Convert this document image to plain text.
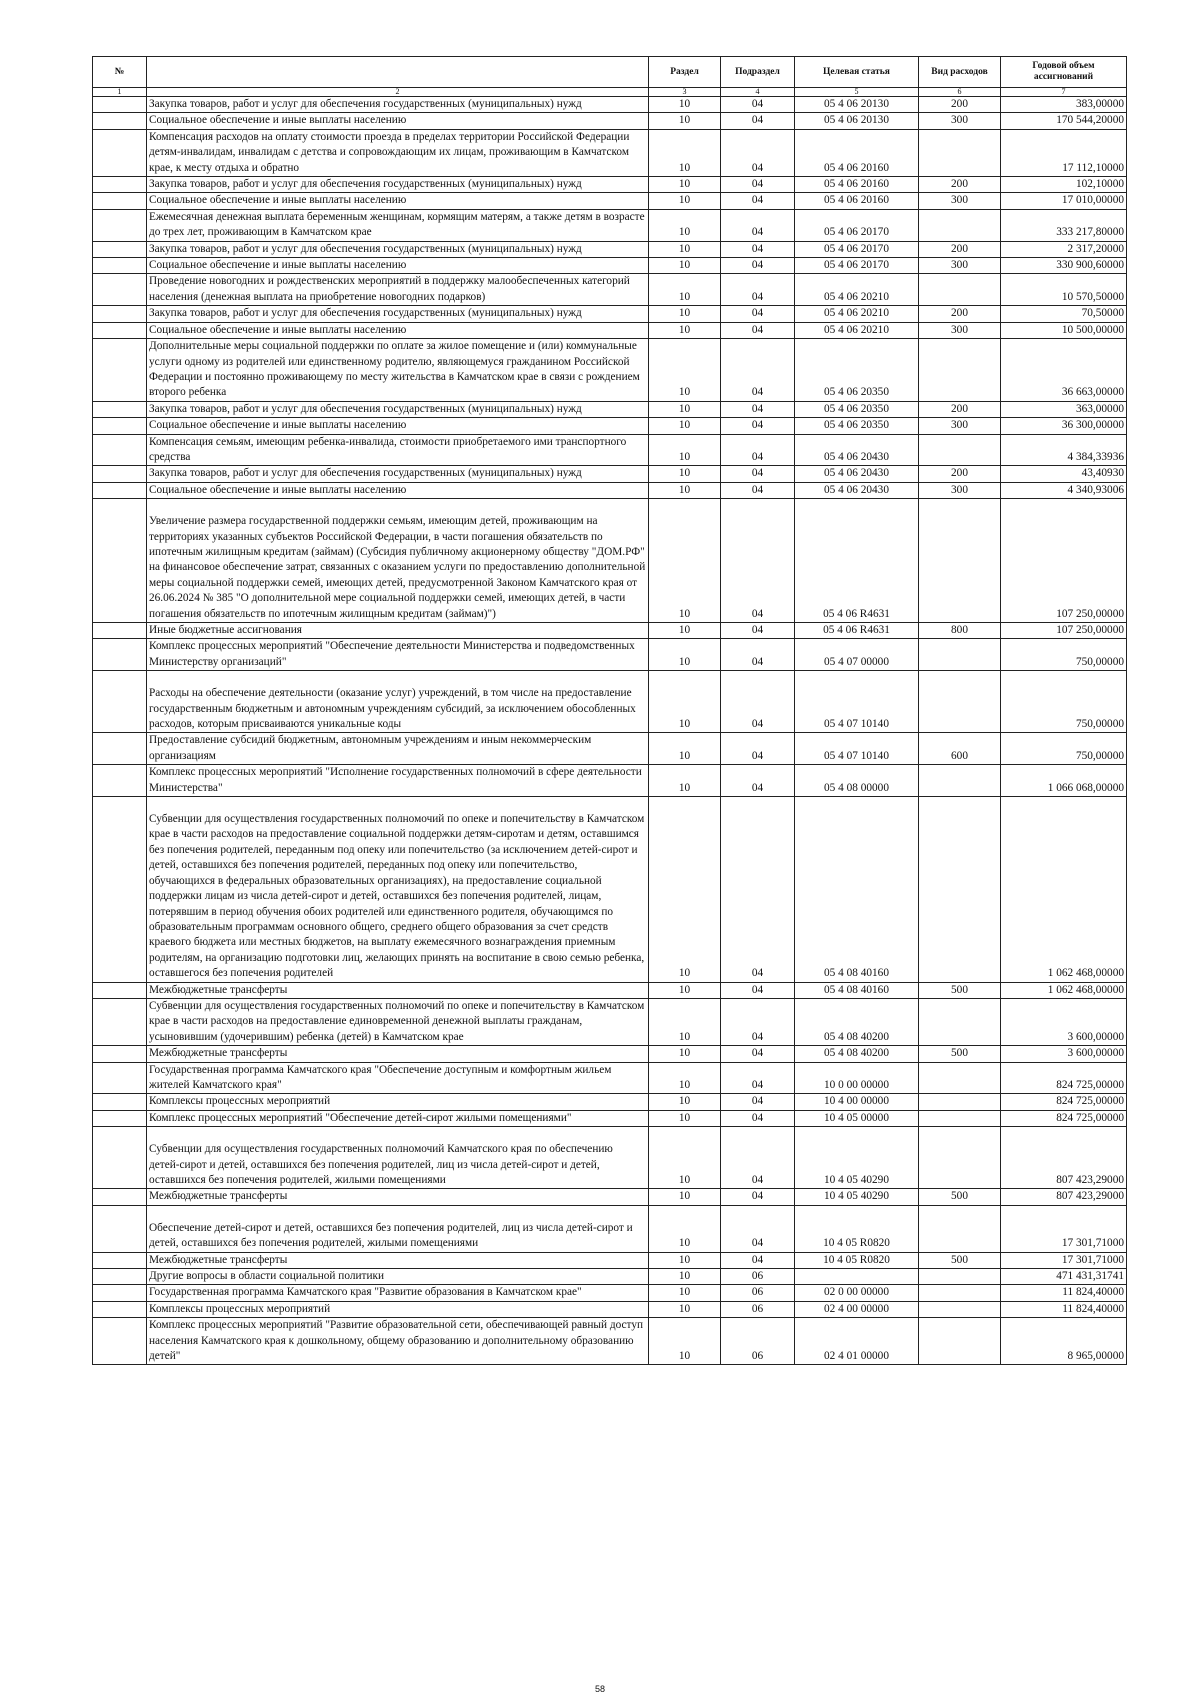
№		Раздел	Подраздел	Целевая статья	Вид расходов	Годовой объем ассигнований
1	2	3	4	5	6	7
	Закупка товаров, работ и услуг для обеспечения государственных (муниципальных) нужд	10	04	05 4 06 20130	200	383,00000
	Социальное обеспечение и иные выплаты населению	10	04	05 4 06 20130	300	170 544,20000
	Компенсация расходов на оплату стоимости проезда в пределах территории Российской Федерации детям-инвалидам, инвалидам с детства и сопровождающим их лицам, проживающим в Камчатском крае, к месту отдыха и обратно	10	04	05 4 06 20160		17 112,10000
	Закупка товаров, работ и услуг для обеспечения государственных (муниципальных) нужд	10	04	05 4 06 20160	200	102,10000
	Социальное обеспечение и иные выплаты населению	10	04	05 4 06 20160	300	17 010,00000
	Ежемесячная денежная выплата беременным женщинам, кормящим матерям, а также детям в возрасте до трех лет, проживающим в Камчатском крае	10	04	05 4 06 20170		333 217,80000
	Закупка товаров, работ и услуг для обеспечения государственных (муниципальных) нужд	10	04	05 4 06 20170	200	2 317,20000
	Социальное обеспечение и иные выплаты населению	10	04	05 4 06 20170	300	330 900,60000
	Проведение новогодних и рождественских мероприятий в поддержку малообеспеченных категорий населения (денежная выплата на приобретение новогодних подарков)	10	04	05 4 06 20210		10 570,50000
	Закупка товаров, работ и услуг для обеспечения государственных (муниципальных) нужд	10	04	05 4 06 20210	200	70,50000
	Социальное обеспечение и иные выплаты населению	10	04	05 4 06 20210	300	10 500,00000
	Дополнительные меры социальной поддержки по оплате за жилое помещение и (или) коммунальные услуги одному из родителей или единственному родителю, являющемуся гражданином Российской Федерации и постоянно проживающему по месту жительства в Камчатском крае в связи с рождением второго ребенка	10	04	05 4 06 20350		36 663,00000
	Закупка товаров, работ и услуг для обеспечения государственных (муниципальных) нужд	10	04	05 4 06 20350	200	363,00000
	Социальное обеспечение и иные выплаты населению	10	04	05 4 06 20350	300	36 300,00000
	Компенсация семьям, имеющим ребенка-инвалида, стоимости приобретаемого ими транспортного средства	10	04	05 4 06 20430		4 384,33936
	Закупка товаров, работ и услуг для обеспечения государственных (муниципальных) нужд	10	04	05 4 06 20430	200	43,40930
	Социальное обеспечение и иные выплаты населению	10	04	05 4 06 20430	300	4 340,93006
	Увеличение размера государственной поддержки семьям, имеющим детей, проживающим на территориях указанных субъектов Российской Федерации, в части погашения обязательств по ипотечным жилищным кредитам (займам) (Субсидия публичному акционерному обществу "ДОМ.РФ" на финансовое обеспечение затрат, связанных с оказанием услуги по предоставлению дополнительной меры социальной поддержки семей, имеющих детей, предусмотренной Законом Камчатского края от 26.06.2024 № 385 "О дополнительной мере социальной поддержки семей, имеющих детей, в части погашения обязательств по ипотечным жилищным кредитам (займам)")	10	04	05 4 06 R4631		107 250,00000
	Иные бюджетные ассигнования	10	04	05 4 06 R4631	800	107 250,00000
	Комплекс процессных мероприятий "Обеспечение деятельности Министерства и подведомственных Министерству организаций"	10	04	05 4 07 00000		750,00000
	Расходы на обеспечение деятельности (оказание услуг) учреждений, в том числе на предоставление государственным бюджетным и автономным учреждениям субсидий, за исключением обособленных расходов, которым присваиваются уникальные коды	10	04	05 4 07 10140		750,00000
	Предоставление субсидий бюджетным, автономным учреждениям и иным некоммерческим организациям	10	04	05 4 07 10140	600	750,00000
	Комплекс процессных мероприятий "Исполнение государственных полномочий в сфере деятельности Министерства"	10	04	05 4 08 00000		1 066 068,00000
	Субвенции для осуществления государственных полномочий по опеке и попечительству в Камчатском крае в части расходов на предоставление социальной поддержки детям-сиротам и детям, оставшимся без попечения родителей, переданным под опеку или попечительство (за исключением детей-сирот и детей, оставшихся без попечения родителей, переданных под опеку или попечительство, обучающихся в федеральных образовательных организациях), на предоставление социальной поддержки лицам из числа детей-сирот и детей, оставшихся без попечения родителей, лицам, потерявшим в период обучения обоих родителей или единственного родителя, обучающимся по образовательным программам основного общего, среднего общего образования за счет средств краевого бюджета или местных бюджетов, на выплату ежемесячного вознаграждения приемным родителям, на организацию подготовки лиц, желающих принять на воспитание в свою семью ребенка, оставшегося без попечения родителей	10	04	05 4 08 40160		1 062 468,00000
	Межбюджетные трансферты	10	04	05 4 08 40160	500	1 062 468,00000
	Субвенции для осуществления государственных полномочий по опеке и попечительству в Камчатском крае в части расходов на предоставление единовременной денежной выплаты гражданам, усыновившим (удочерившим) ребенка (детей) в Камчатском крае	10	04	05 4 08 40200		3 600,00000
	Межбюджетные трансферты	10	04	05 4 08 40200	500	3 600,00000
	Государственная программа Камчатского края "Обеспечение доступным и комфортным жильем жителей Камчатского края"	10	04	10 0 00 00000		824 725,00000
	Комплексы процессных мероприятий	10	04	10 4 00 00000		824 725,00000
	Комплекс процессных мероприятий "Обеспечение детей-сирот жилыми помещениями"	10	04	10 4 05 00000		824 725,00000
	Субвенции для осуществления государственных полномочий Камчатского края по обеспечению детей-сирот и детей, оставшихся без попечения родителей, лиц из числа детей-сирот и детей, оставшихся без попечения родителей, жилыми помещениями	10	04	10 4 05 40290		807 423,29000
	Межбюджетные трансферты	10	04	10 4 05 40290	500	807 423,29000
	Обеспечение детей-сирот и детей, оставшихся без попечения родителей, лиц из числа детей-сирот и детей, оставшихся без попечения родителей, жилыми помещениями	10	04	10 4 05 R0820		17 301,71000
	Межбюджетные трансферты	10	04	10 4 05 R0820	500	17 301,71000
	Другие вопросы в области социальной политики	10	06			471 431,31741
	Государственная программа Камчатского края "Развитие образования в Камчатском крае"	10	06	02 0 00 00000		11 824,40000
	Комплексы процессных мероприятий	10	06	02 4 00 00000		11 824,40000
	Комплекс процессных мероприятий "Развитие образовательной сети, обеспечивающей равный доступ населения Камчатского края к дошкольному, общему образованию и дополнительному образованию детей"	10	06	02 4 01 00000		8 965,00000
58
